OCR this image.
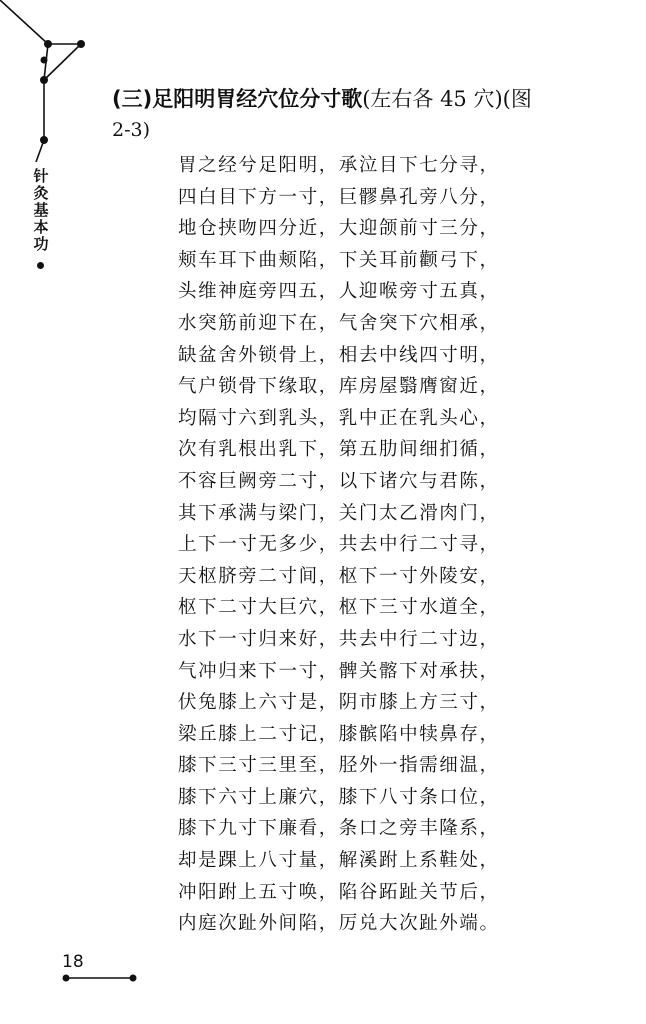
针
灸
基
本
功
(三)足阳明胃经穴位分寸歌(左右各 45 穴)(图
2-3)
胃之经兮足阳明，承泣目下七分寻，
四白目下方一寸，巨髎鼻孔旁八分，
地仓挟吻四分近，大迎颌前寸三分，
颊车耳下曲颊陷，下关耳前颧弓下，
头维神庭旁四五，人迎喉旁寸五真，
水突筋前迎下在，气舍突下穴相承，
缺盆舍外锁骨上，相去中线四寸明，
气户锁骨下缘取，库房屋翳膺窗近，
均隔寸六到乳头，乳中正在乳头心，
次有乳根出乳下，第五肋间细扪循，
不容巨阙旁二寸，以下诸穴与君陈，
其下承满与梁门，关门太乙滑肉门，
上下一寸无多少，共去中行二寸寻，
天枢脐旁二寸间，枢下一寸外陵安，
枢下二寸大巨穴，枢下三寸水道全，
水下一寸归来好，共去中行二寸边，
气冲归来下一寸，髀关髂下对承扶，
伏兔膝上六寸是，阴市膝上方三寸，
梁丘膝上二寸记，膝髌陷中犊鼻存，
膝下三寸三里至，胫外一指需细温，
膝下六寸上廉穴，膝下八寸条口位，
膝下九寸下廉看，条口之旁丰隆系，
却是踝上八寸量，解溪跗上系鞋处，
冲阳跗上五寸唤，陷谷跖趾关节后，
内庭次趾外间陷，厉兑大次趾外端。
18
